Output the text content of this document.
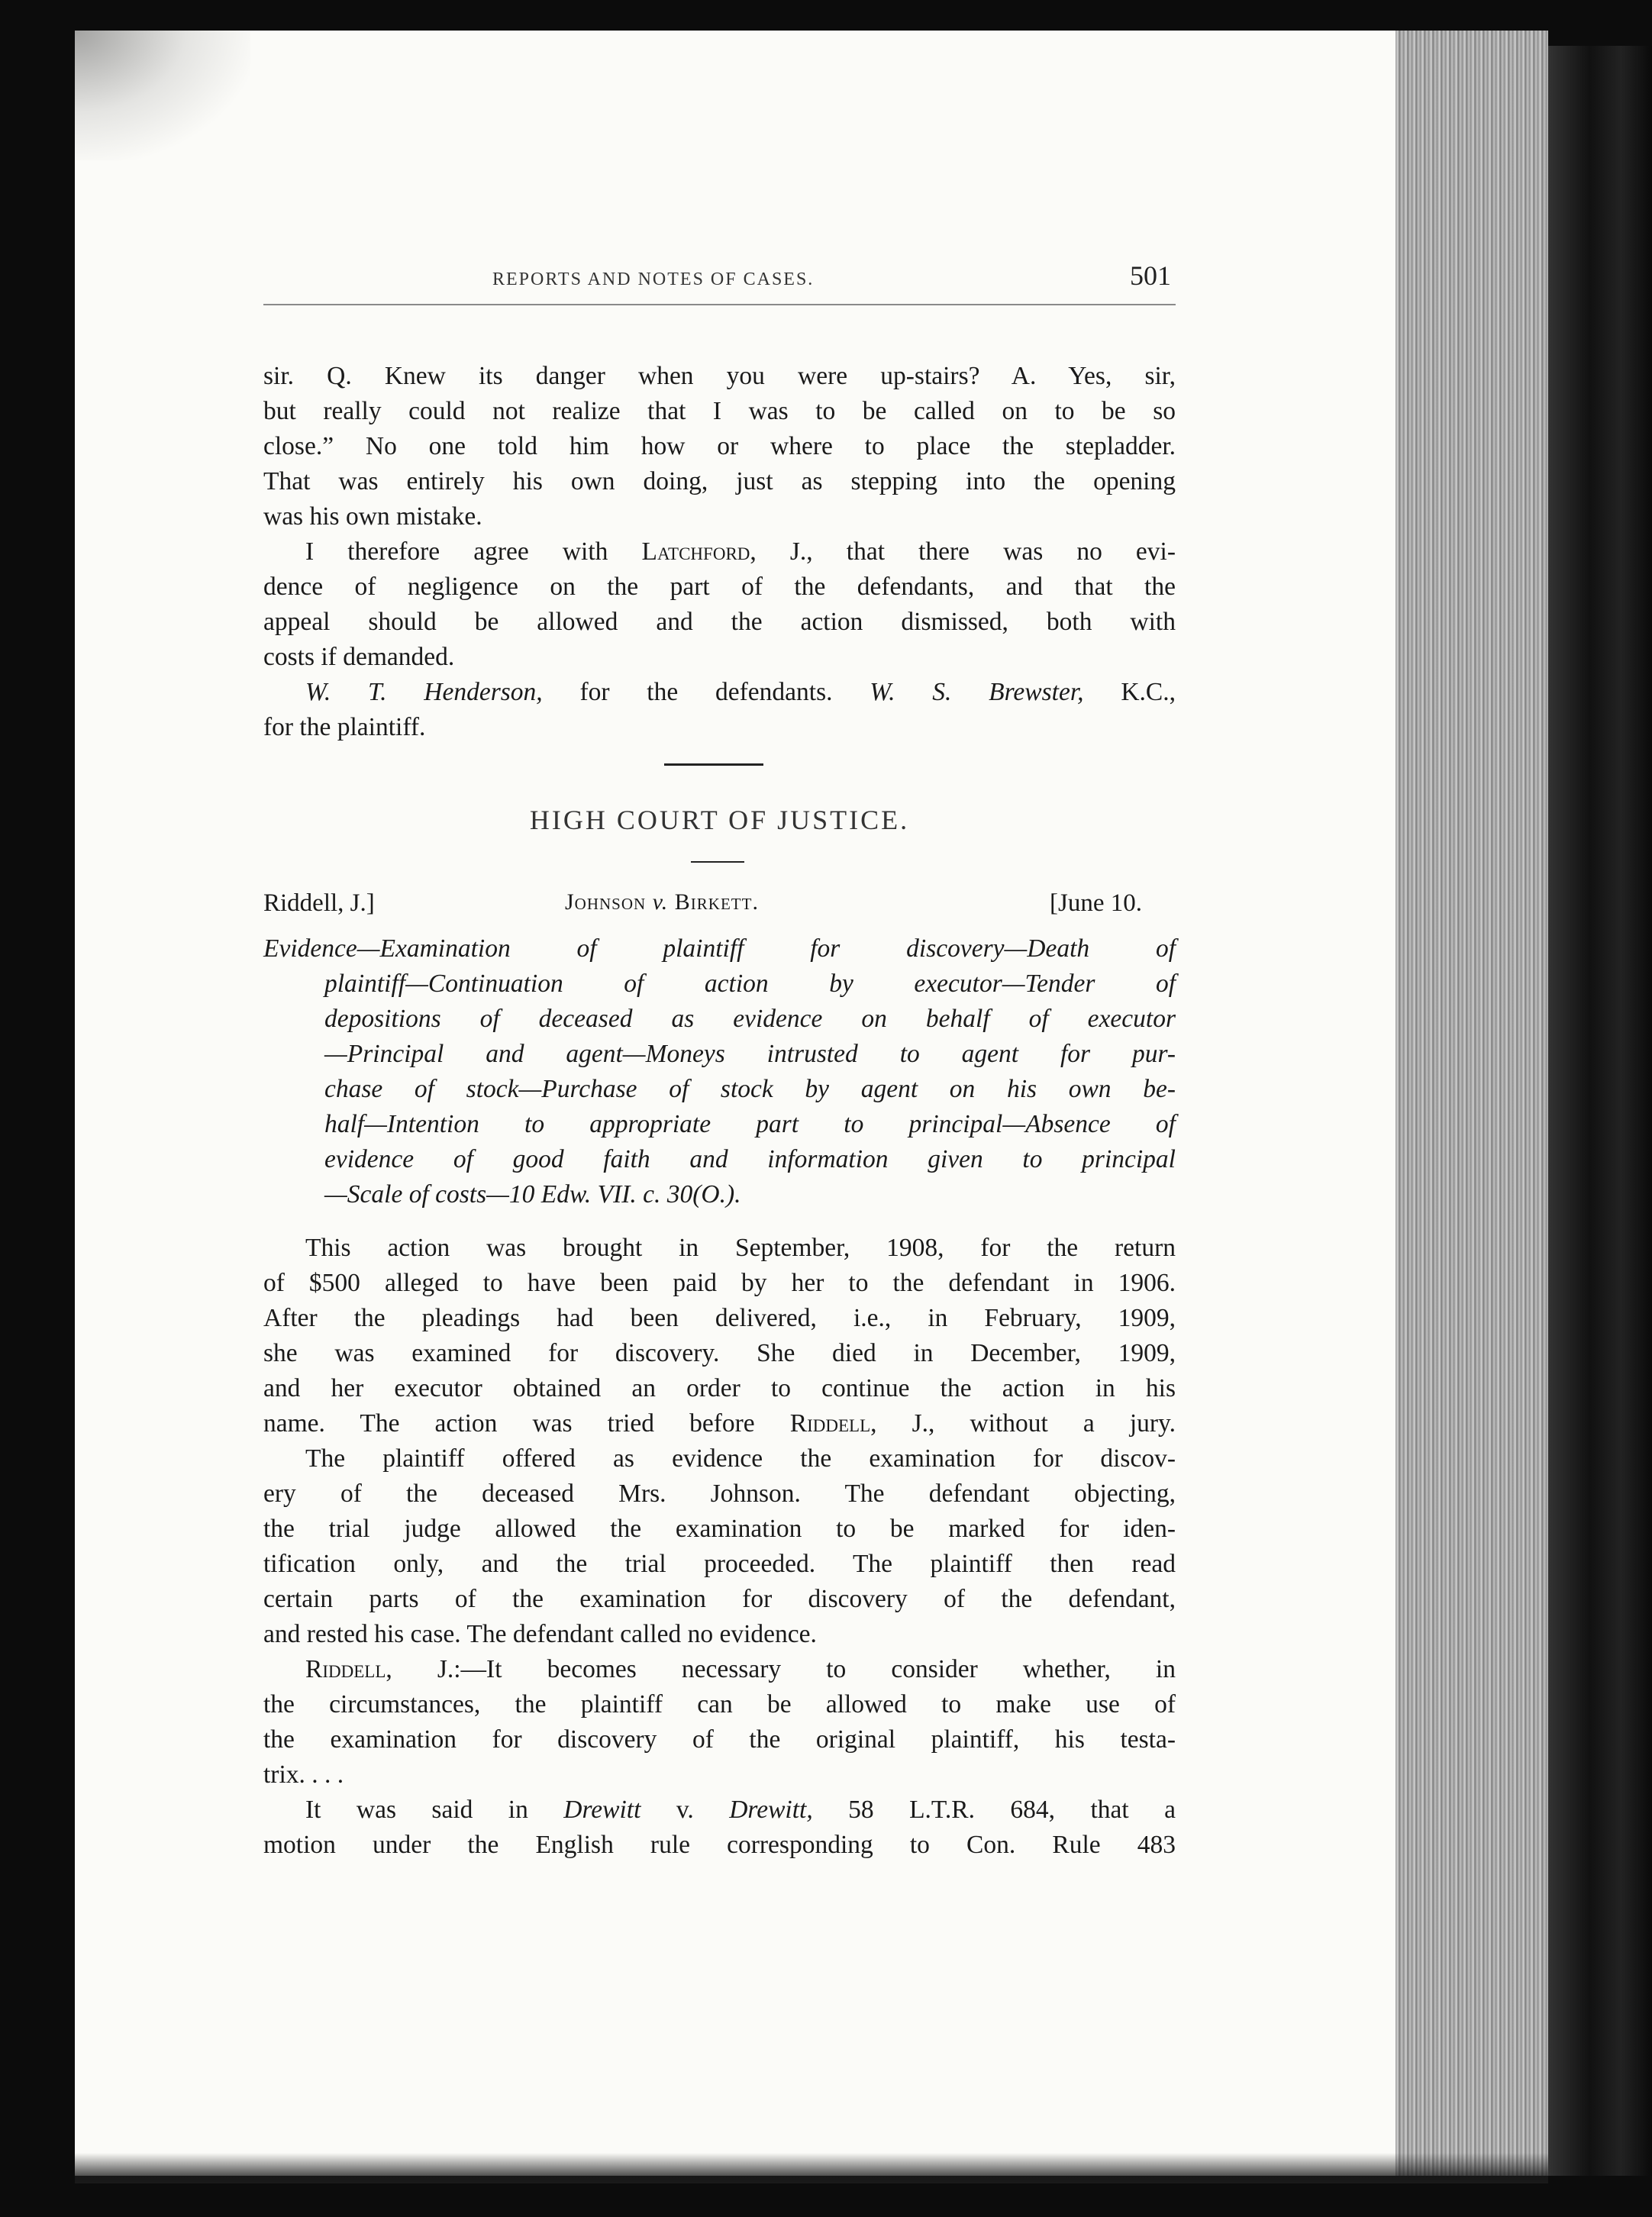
REPORTS AND NOTES OF CASES.	501

sir. Q. Knew its danger when you were up-stairs? A. Yes, sir,

but really could not realize that I was to be called on to be so

close.” No one told him how or where to place the stepladder.

That was entirely his own doing, just as stepping into the opening

was his own mistake.

I therefore agree with Latchford, J., that there was no evi-

dence of negligence on the part of the defendants, and that the

appeal should be allowed and the action dismissed, both with

costs if demanded.

W. T. Henderson, for the defendants. W. S. Brewster, K.C.,

for the plaintiff.

HIGH COURT OF JUSTICE.

Riddell, J.]	Johnson v. Birkett.	[June 10.

Evidence—Examination of plaintiff for discovery—Death of

plaintiff—Continuation of action by executor—Tender of

depositions of deceased as evidence on behalf of executor

—Principal and agent—Moneys intrusted to agent for pur-

chase of stock—Purchase of stock by agent on his own be-

half—Intention to appropriate part to principal—Absence of

evidence of good faith and information given to principal

—Scale of costs—10 Edw. VII. c. 30(O.).

This action was brought in September, 1908, for the return

of $500 alleged to have been paid by her to the defendant in 1906.

After the pleadings had been delivered, i.e., in February, 1909,

she was examined for discovery. She died in December, 1909,

and her executor obtained an order to continue the action in his

name. The action was tried before Riddell, J., without a jury.

The plaintiff offered as evidence the examination for discov-

ery of the deceased Mrs. Johnson. The defendant objecting,

the trial judge allowed the examination to be marked for iden-

tification only, and the trial proceeded. The plaintiff then read

certain parts of the examination for discovery of the defendant,

and rested his case. The defendant called no evidence.

Riddell, J.:—It becomes necessary to consider whether, in

the circumstances, the plaintiff can be allowed to make use of

the examination for discovery of the original plaintiff, his testa-

trix. . . .

It was said in Drewitt v. Drewitt, 58 L.T.R. 684, that a

motion under the English rule corresponding to Con. Rule 483
